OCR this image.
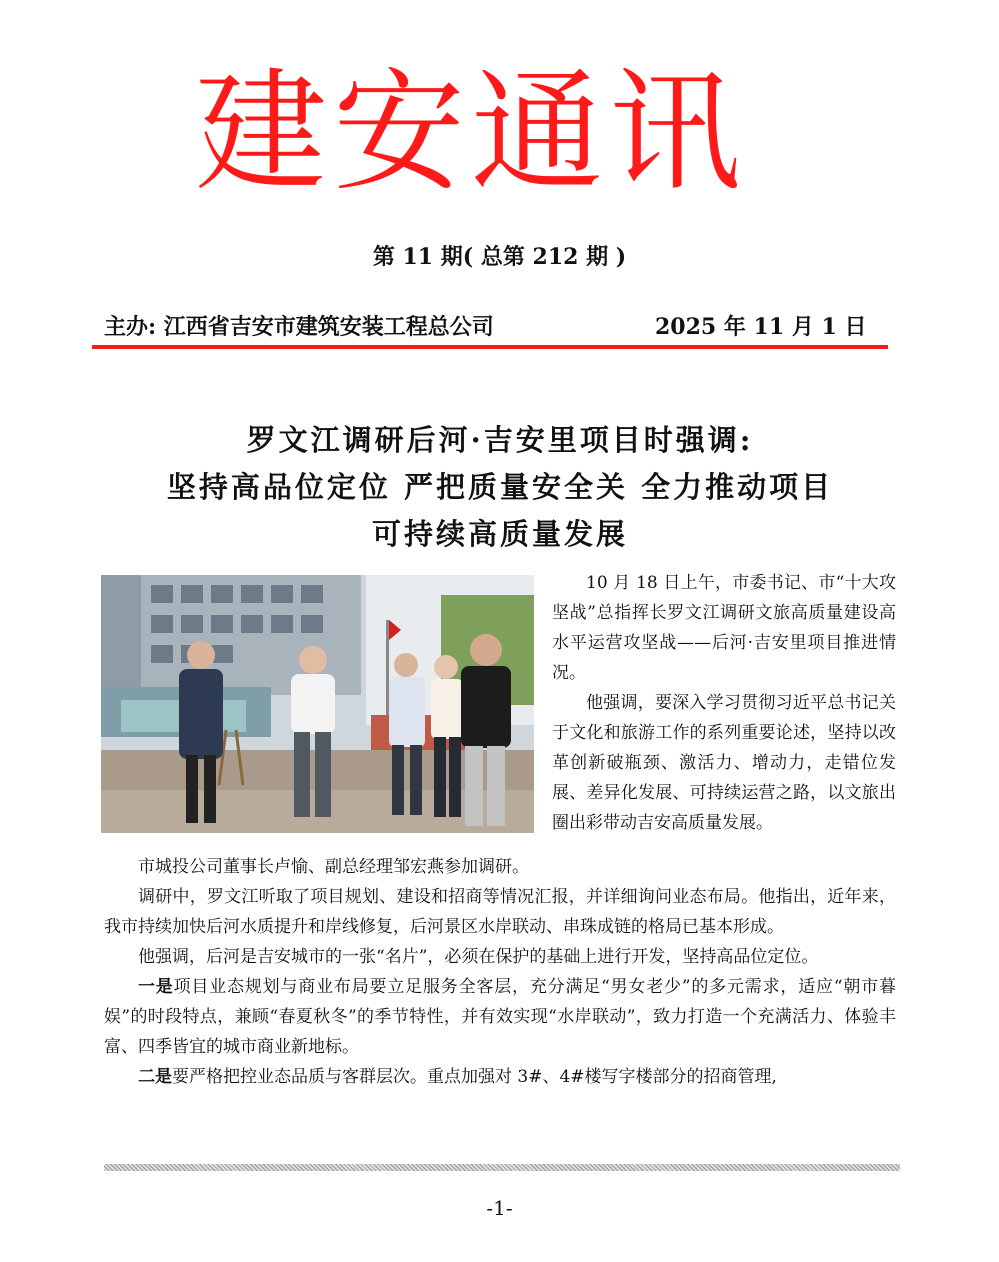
建安通讯
第 11 期( 总第 212 期 )
主办: 江西省吉安市建筑安装工程总公司	2025 年 11 月 1 日
罗文江调研后河·吉安里项目时强调:
坚持高品位定位 严把质量安全关 全力推动项目
可持续高质量发展

10 月 18 日上午，市委书记、市“十大攻坚战”总指挥长罗文江调研文旅高质量建设高水平运营攻坚战——后河·吉安里项目推进情况。

他强调，要深入学习贯彻习近平总书记关于文化和旅游工作的系列重要论述，坚持以改革创新破瓶颈、激活力、增动力，走错位发展、差异化发展、可持续运营之路，以文旅出圈出彩带动吉安高质量发展。

市城投公司董事长卢愉、副总经理邹宏燕参加调研。

调研中，罗文江听取了项目规划、建设和招商等情况汇报，并详细询问业态布局。他指出，近年来，我市持续加快后河水质提升和岸线修复，后河景区水岸联动、串珠成链的格局已基本形成。

他强调，后河是吉安城市的一张“名片”，必须在保护的基础上进行开发，坚持高品位定位。

一是项目业态规划与商业布局要立足服务全客层，充分满足“男女老少”的多元需求，适应“朝市暮娱”的时段特点，兼顾“春夏秋冬”的季节特性，并有效实现“水岸联动”，致力打造一个充满活力、体验丰富、四季皆宜的城市商业新地标。

二是要严格把控业态品质与客群层次。重点加强对 3#、4#楼写字楼部分的招商管理,

-1-
